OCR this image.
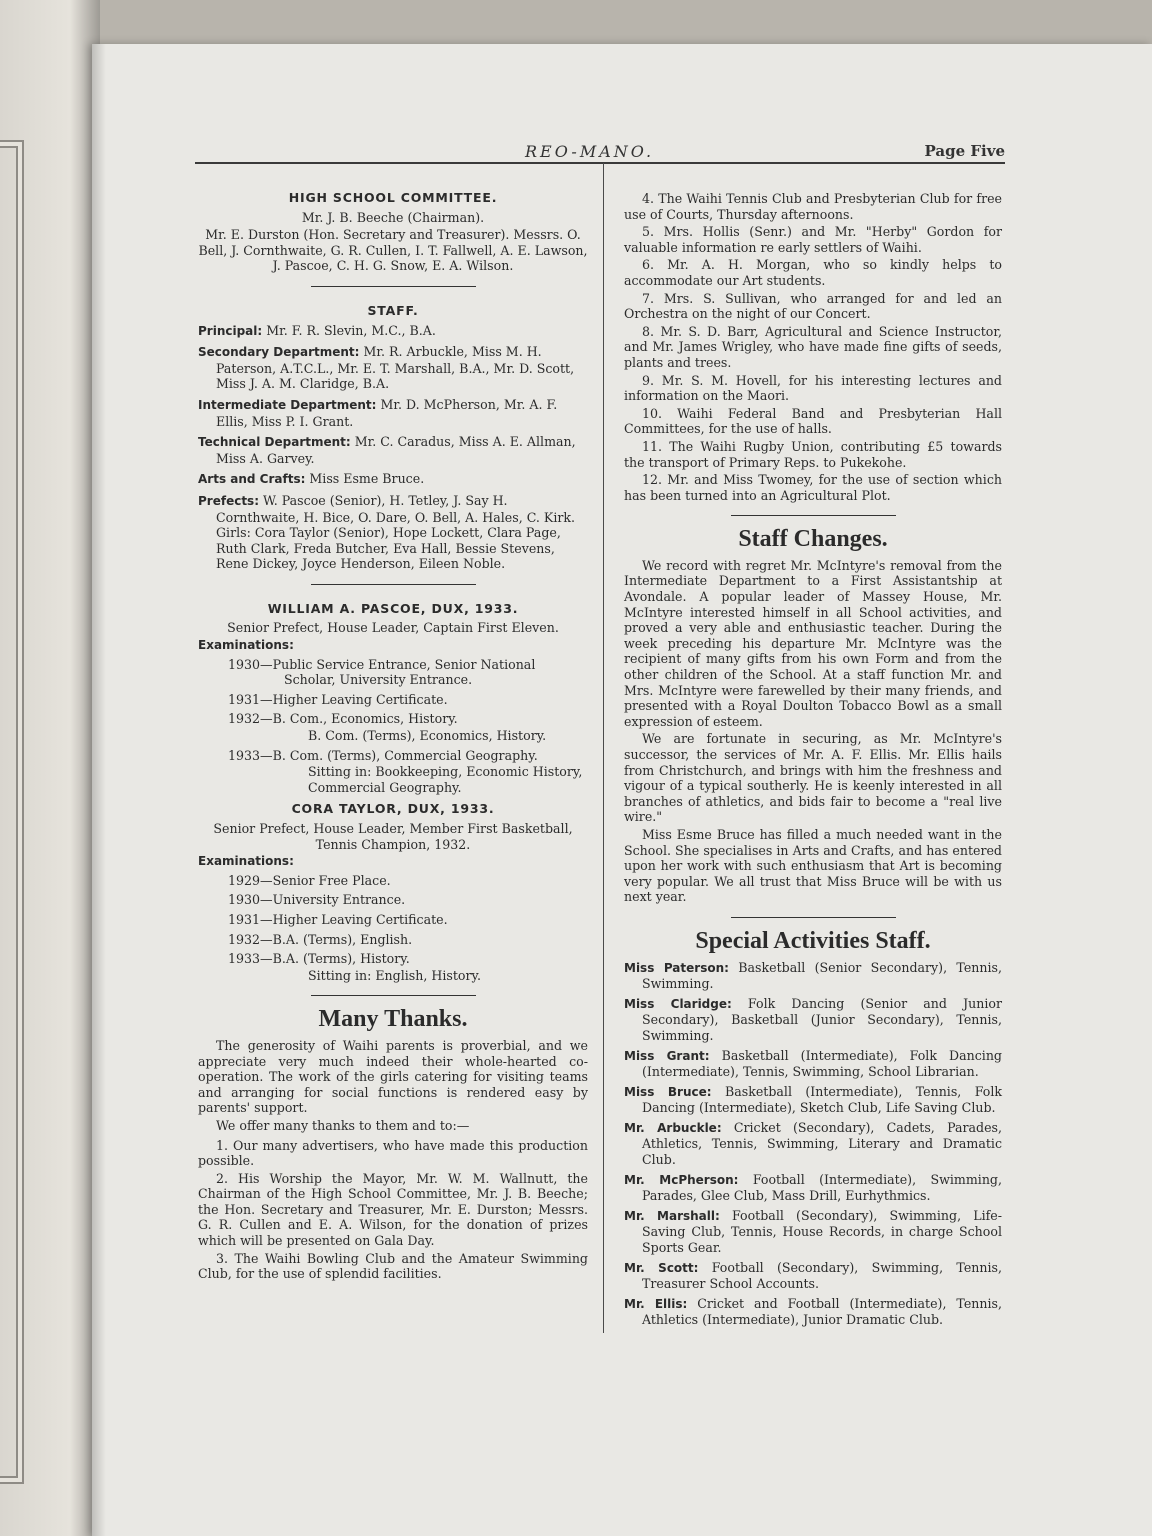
REO-MANO.	Page Five
HIGH SCHOOL COMMITTEE.
Mr. J. B. Beeche (Chairman).
Mr. E. Durston (Hon. Secretary and Treasurer). Messrs. O. Bell, J. Cornthwaite, G. R. Cullen, I. T. Fallwell, A. E. Lawson, J. Pascoe, C. H. G. Snow, E. A. Wilson.
STAFF.

Principal: Mr. F. R. Slevin, M.C., B.A.

Secondary Department: Mr. R. Arbuckle, Miss M. H. Paterson, A.T.C.L., Mr. E. T. Marshall, B.A., Mr. D. Scott, Miss J. A. M. Claridge, B.A.

Intermediate Department: Mr. D. McPherson, Mr. A. F. Ellis, Miss P. I. Grant.

Technical Department: Mr. C. Caradus, Miss A. E. Allman, Miss A. Garvey.

Arts and Crafts: Miss Esme Bruce.

Prefects: W. Pascoe (Senior), H. Tetley, J. Say H. Cornthwaite, H. Bice, O. Dare, O. Bell, A. Hales, C. Kirk. Girls: Cora Taylor (Senior), Hope Lockett, Clara Page, Ruth Clark, Freda Butcher, Eva Hall, Bessie Stevens, Rene Dickey, Joyce Henderson, Eileen Noble.

WILLIAM A. PASCOE, DUX, 1933.
Senior Prefect, House Leader, Captain First Eleven.
Examinations:

1930—Public Service Entrance, Senior National Scholar, University Entrance.

1931—Higher Leaving Certificate.

1932—B. Com., Economics, History.

B. Com. (Terms), Economics, History.

1933—B. Com. (Terms), Commercial Geography.

Sitting in: Bookkeeping, Economic History, Commercial Geography.

CORA TAYLOR, DUX, 1933.
Senior Prefect, House Leader, Member First Basketball, Tennis Champion, 1932.
Examinations:

1929—Senior Free Place.

1930—University Entrance.

1931—Higher Leaving Certificate.

1932—B.A. (Terms), English.

1933—B.A. (Terms), History.

Sitting in: English, History.

Many Thanks.

The generosity of Waihi parents is proverbial, and we appreciate very much indeed their whole-hearted co-operation. The work of the girls catering for visiting teams and arranging for social functions is rendered easy by parents' support.

We offer many thanks to them and to:—

1. Our many advertisers, who have made this production possible.

2. His Worship the Mayor, Mr. W. M. Wallnutt, the Chairman of the High School Committee, Mr. J. B. Beeche; the Hon. Secretary and Treasurer, Mr. E. Durston; Messrs. G. R. Cullen and E. A. Wilson, for the donation of prizes which will be presented on Gala Day.

3. The Waihi Bowling Club and the Amateur Swimming Club, for the use of splendid facilities.

4. The Waihi Tennis Club and Presbyterian Club for free use of Courts, Thursday afternoons.

5. Mrs. Hollis (Senr.) and Mr. "Herby" Gordon for valuable information re early settlers of Waihi.

6. Mr. A. H. Morgan, who so kindly helps to accommodate our Art students.

7. Mrs. S. Sullivan, who arranged for and led an Orchestra on the night of our Concert.

8. Mr. S. D. Barr, Agricultural and Science Instructor, and Mr. James Wrigley, who have made fine gifts of seeds, plants and trees.

9. Mr. S. M. Hovell, for his interesting lectures and information on the Maori.

10. Waihi Federal Band and Presbyterian Hall Committees, for the use of halls.

11. The Waihi Rugby Union, contributing £5 towards the transport of Primary Reps. to Pukekohe.

12. Mr. and Miss Twomey, for the use of section which has been turned into an Agricultural Plot.

Staff Changes.

We record with regret Mr. McIntyre's removal from the Intermediate Department to a First Assistantship at Avondale. A popular leader of Massey House, Mr. McIntyre interested himself in all School activities, and proved a very able and enthusiastic teacher. During the week preceding his departure Mr. McIntyre was the recipient of many gifts from his own Form and from the other children of the School. At a staff function Mr. and Mrs. McIntyre were farewelled by their many friends, and presented with a Royal Doulton Tobacco Bowl as a small expression of esteem.

We are fortunate in securing, as Mr. McIntyre's successor, the services of Mr. A. F. Ellis. Mr. Ellis hails from Christchurch, and brings with him the freshness and vigour of a typical southerly. He is keenly interested in all branches of athletics, and bids fair to become a "real live wire."

Miss Esme Bruce has filled a much needed want in the School. She specialises in Arts and Crafts, and has entered upon her work with such enthusiasm that Art is becoming very popular. We all trust that Miss Bruce will be with us next year.

Special Activities Staff.

Miss Paterson: Basketball (Senior Secondary), Tennis, Swimming.

Miss Claridge: Folk Dancing (Senior and Junior Secondary), Basketball (Junior Secondary), Tennis, Swimming.

Miss Grant: Basketball (Intermediate), Folk Dancing (Intermediate), Tennis, Swimming, School Librarian.

Miss Bruce: Basketball (Intermediate), Tennis, Folk Dancing (Intermediate), Sketch Club, Life Saving Club.

Mr. Arbuckle: Cricket (Secondary), Cadets, Parades, Athletics, Tennis, Swimming, Literary and Dramatic Club.

Mr. McPherson: Football (Intermediate), Swimming, Parades, Glee Club, Mass Drill, Eurhythmics.

Mr. Marshall: Football (Secondary), Swimming, Life-Saving Club, Tennis, House Records, in charge School Sports Gear.

Mr. Scott: Football (Secondary), Swimming, Tennis, Treasurer School Accounts.

Mr. Ellis: Cricket and Football (Intermediate), Tennis, Athletics (Intermediate), Junior Dramatic Club.
